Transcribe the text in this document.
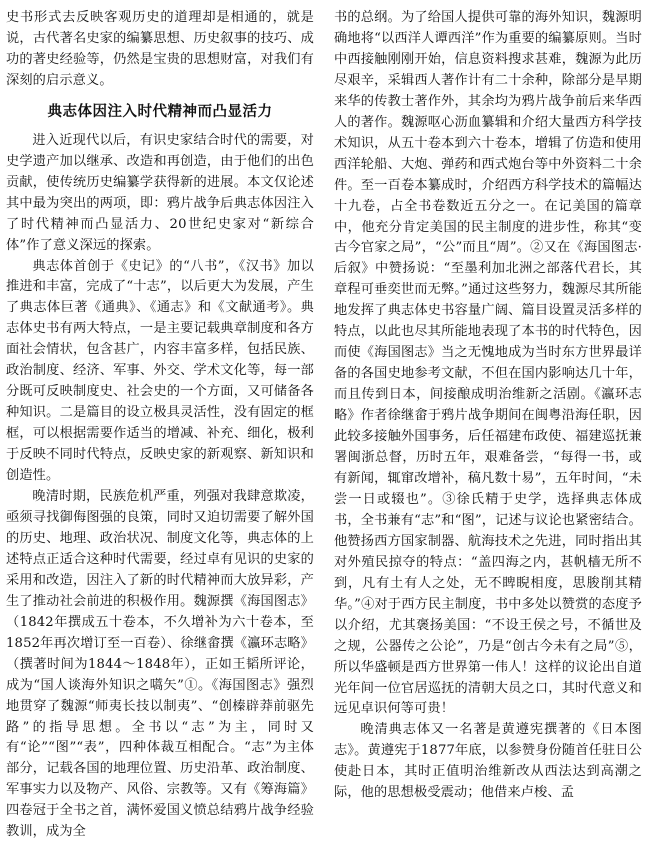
史书形式去反映客观历史的道理却是相通的，就是说，古代著名史家的编纂思想、历史叙事的技巧、成功的著史经验等，仍然是宝贵的思想财富，对我们有深刻的启示意义。

典志体因注入时代精神而凸显活力

进入近现代以后，有识史家结合时代的需要，对史学遗产加以继承、改造和再创造，由于他们的出色贡献，使传统历史编纂学获得新的进展。本文仅论述其中最为突出的两项，即：鸦片战争后典志体因注入了时代精神而凸显活力、20世纪史家对“新综合体”作了意义深远的探索。

典志体首创于《史记》的“八书”，《汉书》加以推进和丰富，完成了“十志”，以后更大为发展，产生了典志体巨著《通典》、《通志》和《文献通考》。典志体史书有两大特点，一是主要记载典章制度和各方面社会情状，包含甚广，内容丰富多样，包括民族、政治制度、经济、军事、外交、学术文化等，每一部分既可反映制度史、社会史的一个方面，又可储备各种知识。二是篇目的设立极具灵活性，没有固定的框框，可以根据需要作适当的增减、补充、细化，极利于反映不同时代特点，反映史家的新观察、新知识和创造性。

晚清时期，民族危机严重，列强对我肆意欺凌，亟须寻找御侮图强的良策，同时又迫切需要了解外国的历史、地理、政治状况、制度文化等，典志体的上述特点正适合这种时代需要，经过卓有见识的史家的采用和改造，因注入了新的时代精神而大放异彩，产生了推动社会前进的积极作用。魏源撰《海国图志》（1842年撰成五十卷本，不久增补为六十卷本，至1852年再次增订至一百卷）、徐继畲撰《瀛环志略》（撰著时间为1844～1848年），正如王韬所评论，成为“国人谈海外知识之嚆矢”①。《海国图志》强烈地贯穿了魏源“师夷长技以制夷”、“创榛辟莽前驱先路”的指导思想。全书以“志”为主，同时又有“论”“图”“表”，四种体裁互相配合。“志”为主体部分，记载各国的地理位置、历史沿革、政治制度、军事实力以及物产、风俗、宗教等。又有《筹海篇》四卷冠于全书之首，满怀爱国义愤总结鸦片战争经验教训，成为全

书的总纲。为了给国人提供可靠的海外知识，魏源明确地将“以西洋人谭西洋”作为重要的编纂原则。当时中西接触刚刚开始，信息资料搜求甚难，魏源为此历尽艰辛，采辑西人著作计有二十余种，除部分是早期来华的传教士著作外，其余均为鸦片战争前后来华西人的著作。魏源呕心沥血纂辑和介绍大量西方科学技术知识，从五十卷本到六十卷本，增辑了仿造和使用西洋轮船、大炮、弹药和西式炮台等中外资料二十余件。至一百卷本纂成时，介绍西方科学技术的篇幅达十九卷，占全书卷数近五分之一。在记美国的篇章中，他充分肯定美国的民主制度的进步性，称其“变古今官家之局”，“公”而且“周”。②又在《海国图志·后叙》中赞扬说：“至墨利加北洲之部落代君长，其章程可垂奕世而无弊。”通过这些努力，魏源尽其所能地发挥了典志体史书容量广阔、篇目设置灵活多样的特点，以此也尽其所能地表现了本书的时代特色，因而使《海国图志》当之无愧地成为当时东方世界最详备的各国史地参考文献，不但在国内影响达几十年，而且传到日本，间接酿成明治维新之活剧。《瀛环志略》作者徐继畲于鸦片战争期间在闽粤沿海任职，因此较多接触外国事务，后任福建布政使、福建巡抚兼署闽浙总督，历时五年，艰难备尝，“每得一书，或有新闻，辄窜改增补，稿凡数十易”，五年时间，“未尝一日或辍也”。③徐氏精于史学，选择典志体成书，全书兼有“志”和“图”，记述与议论也紧密结合。他赞扬西方国家制器、航海技术之先进，同时指出其对外殖民掠夺的特点：“盖四海之内，甚帆樯无所不到，凡有土有人之处，无不睥睨相度，思朘削其精华。”④对于西方民主制度，书中多处以赞赏的态度予以介绍，尤其褒扬美国：“不设王侯之号，不循世及之规，公器传之公论”，乃是“创古今未有之局”⑤，所以华盛顿是西方世界第一伟人！这样的议论出自道光年间一位官居巡抚的清朝大员之口，其时代意义和远见卓识何等可贵！

晚清典志体又一名著是黄遵宪撰著的《日本图志》。黄遵宪于1877年底，以参赞身份随首任驻日公使赴日本，其时正值明治维新改从西法达到高潮之际，他的思想极受震动；他借来卢梭、孟
